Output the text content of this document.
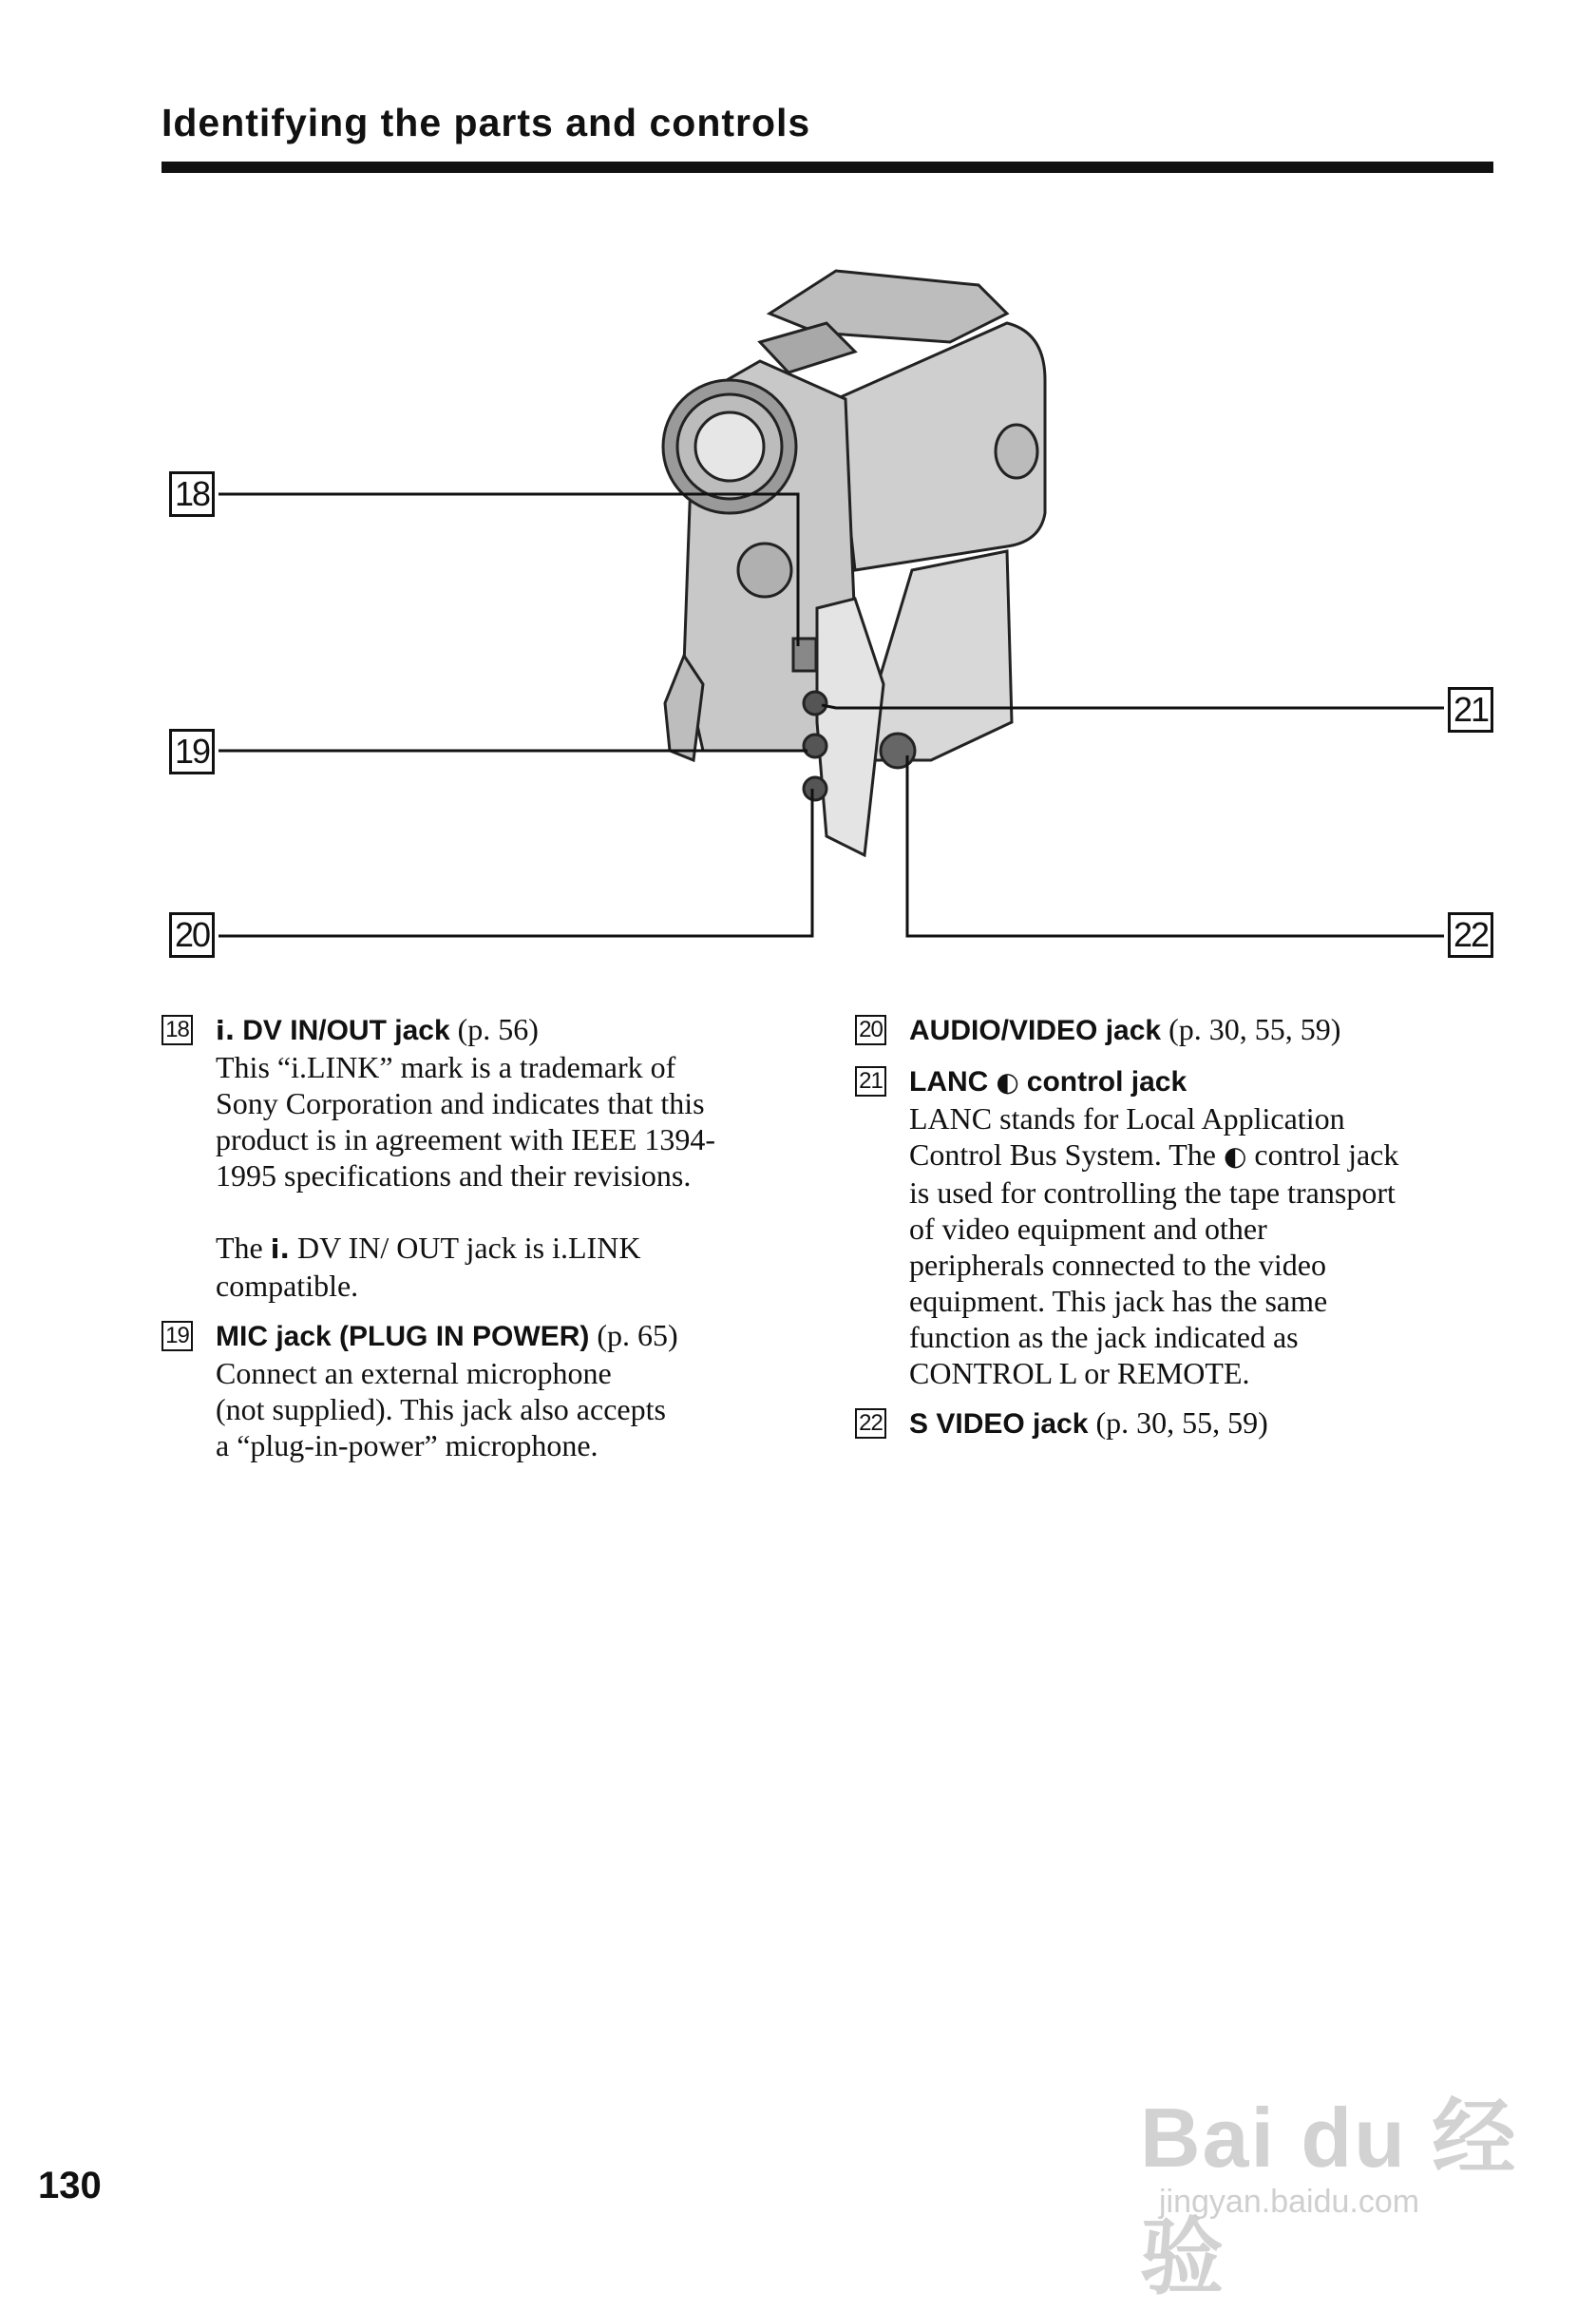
Identifying the parts and controls
18
19
20
21
22
18 i. DV IN/OUT jack (p. 56)
This “i.LINK” mark is a trademark of
Sony Corporation and indicates that this
product is in agreement with IEEE 1394-
1995 specifications and their revisions.
The i. DV IN/ OUT jack is i.LINK
compatible.
19 MIC jack (PLUG IN POWER) (p. 65)
Connect an external microphone
(not supplied). This jack also accepts
a “plug-in-power” microphone.
20 AUDIO/VIDEO jack (p. 30, 55, 59)
21 LANC ◐ control jack
LANC stands for Local Application
Control Bus System. The ◐ control jack
is used for controlling the tape transport
of video equipment and other
peripherals connected to the video
equipment. This jack has the same
function as the jack indicated as
CONTROL L or REMOTE.
22 S VIDEO jack (p. 30, 55, 59)
Bai du 经验
jingyan.baidu.com
130
